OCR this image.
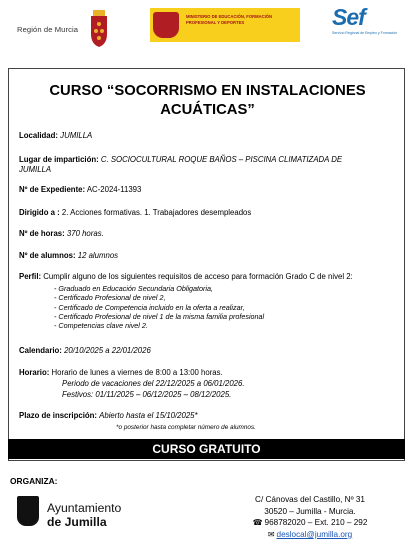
Región de Murcia
MINISTERIO DE EDUCACIÓN, FORMACIÓN PROFESIONAL Y DEPORTES	Sef
Servicio Regional de Empleo y Formación
CURSO “SOCORRISMO EN INSTALACIONES
ACUÁTICAS”
Localidad: JUMILLA
Lugar de impartición: C. SOCIOCULTURAL ROQUE BAÑOS – PISCINA CLIMATIZADA DE
JUMILLA
Nº de Expediente: AC-2024-11393
Dirigido a : 2. Acciones formativas. 1. Trabajadores desempleados
Nº de horas: 370 horas.
Nº de alumnos: 12 alumnos
Perfil: Cumplir alguno de los siguientes requisitos de acceso para formación Grado C de nivel 2:
- Graduado en Educación Secundaria Obligatoria,
- Certificado Profesional de nivel 2,
- Certificado de Competencia incluido en la oferta a realizar,
- Certificado Profesional de nivel 1 de la misma familia profesional
- Competencias clave nivel 2.
Calendario: 20/10/2025 a 22/01/2026
Horario: Horario de lunes a viernes de 8:00 a 13:00 horas.
Periodo de vacaciones del 22/12/2025 a 06/01/2026.
Festivos: 01/11/2025 – 06/12/2025 – 08/12/2025.
Plazo de inscripción: Abierto hasta el 15/10/2025*
*o posterior hasta completar número de alumnos.
CURSO GRATUITO
ORGANIZA:
Ayuntamiento
de Jumilla
C/ Cánovas del Castillo, Nº 31
30520 – Jumilla - Murcia.
☎ 968782020 – Ext. 210 – 292
✉ deslocal@jumilla.org
